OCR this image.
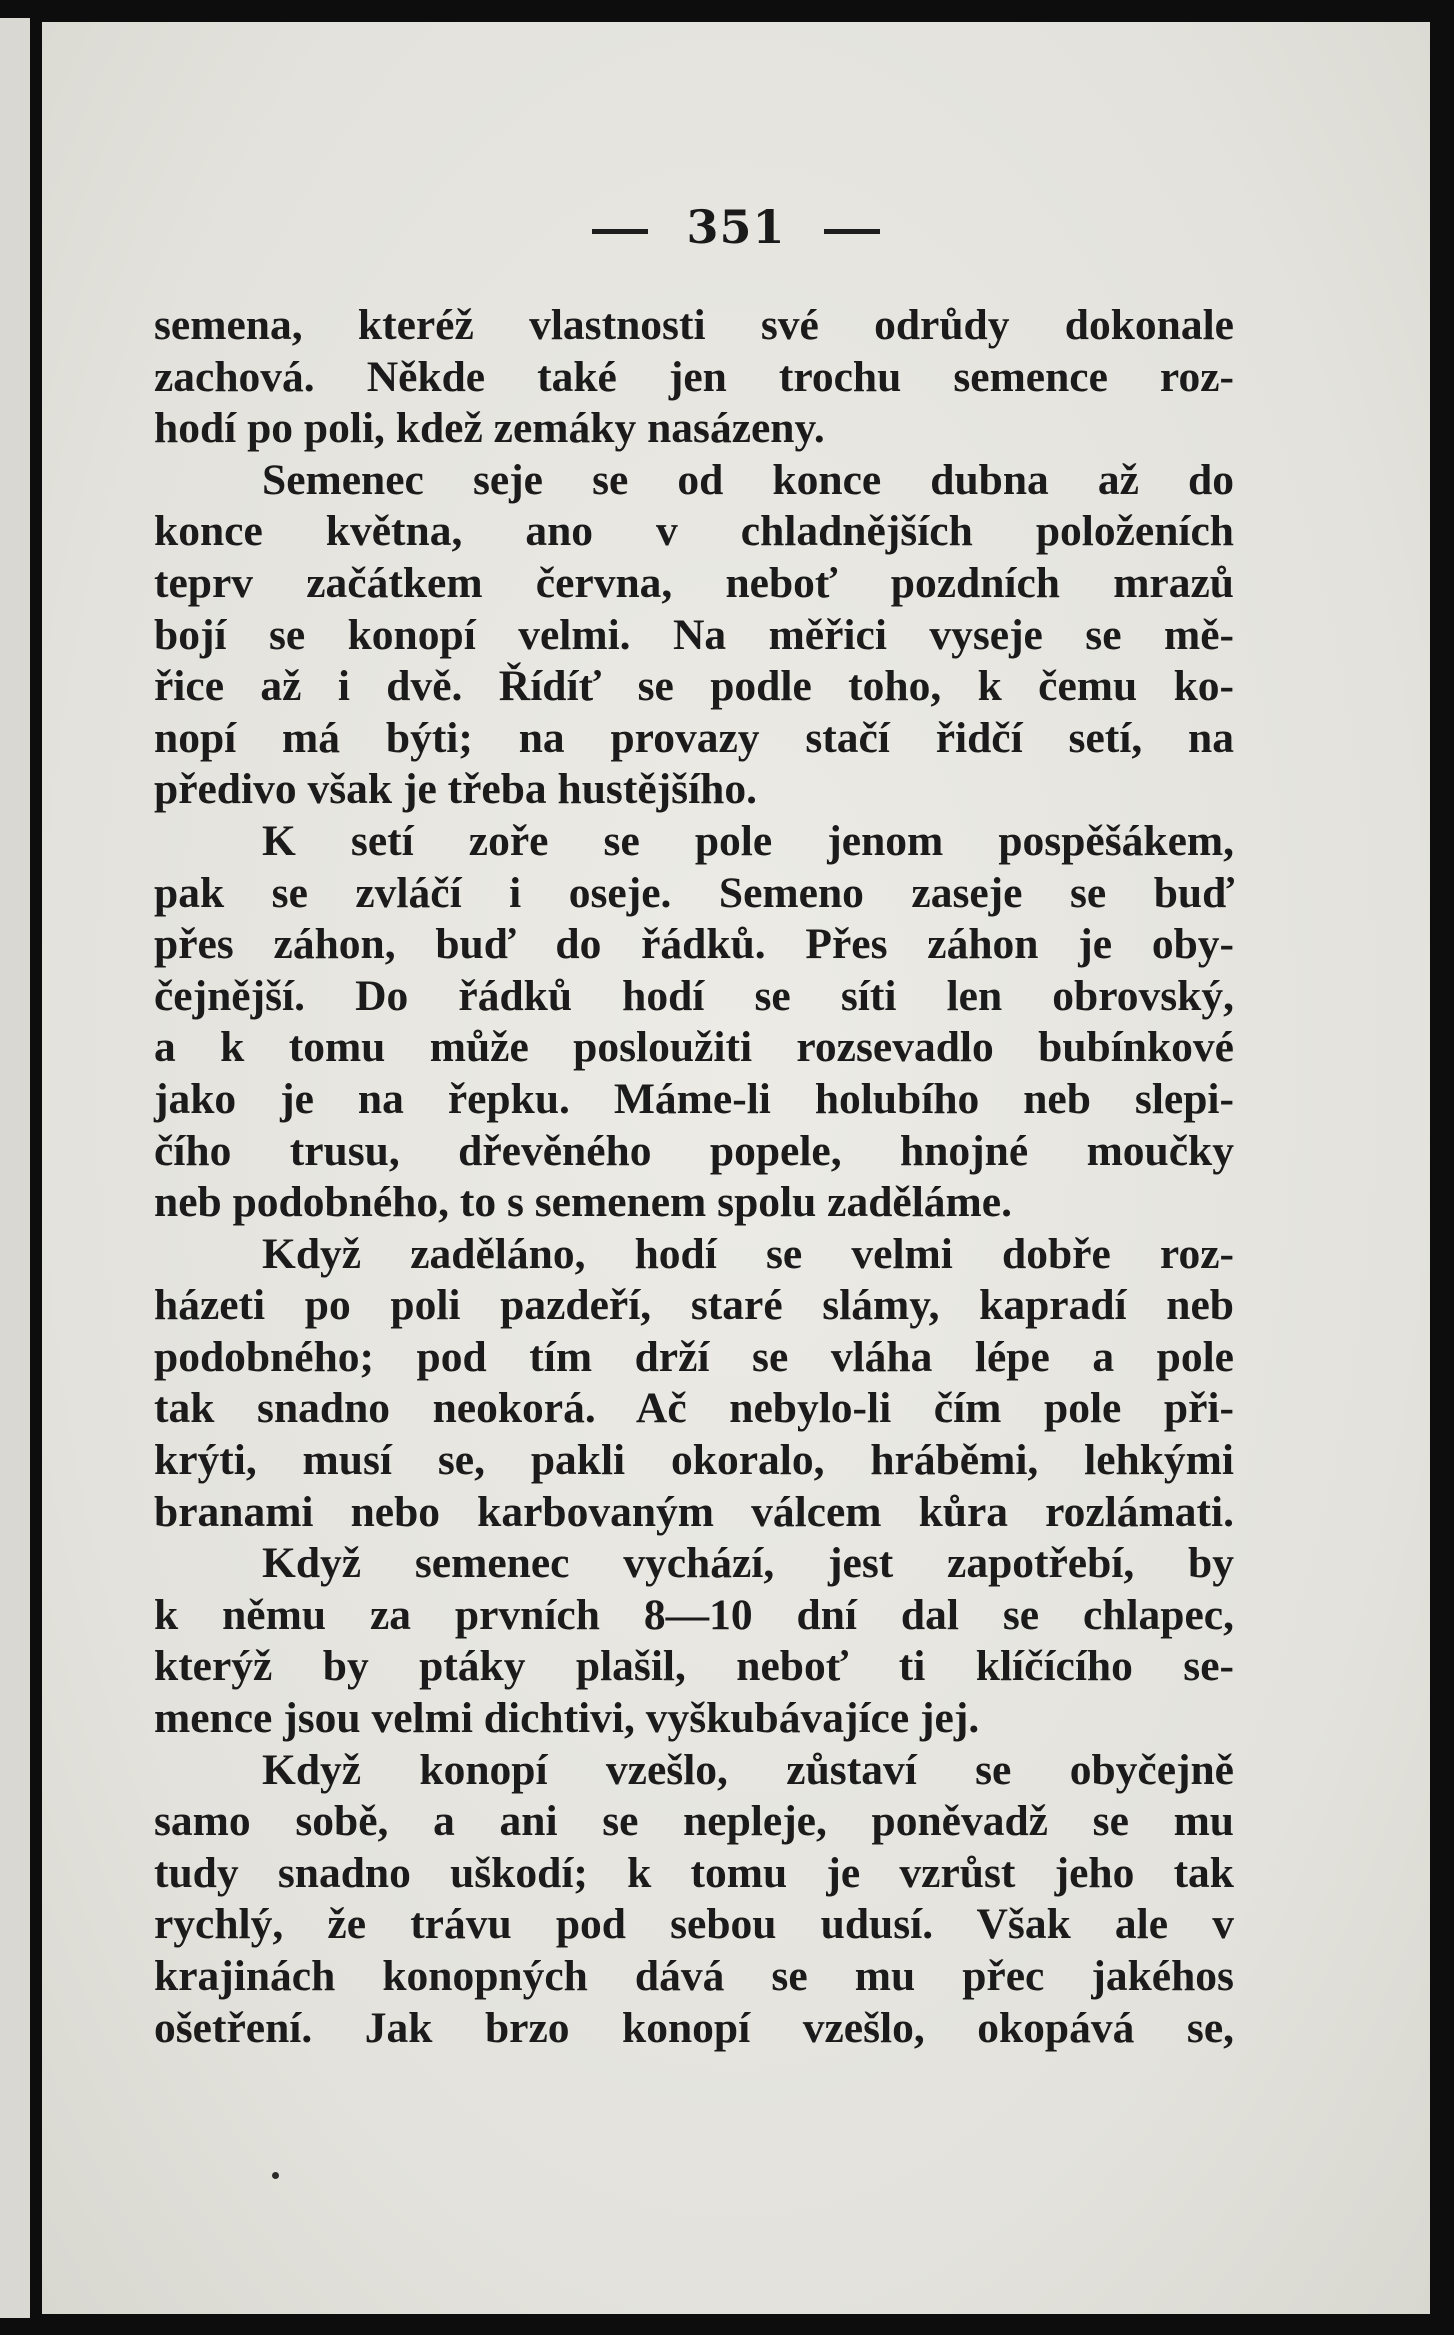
351
semena, kteréž vlastnosti své odrůdy dokonale
zachová. Někde také jen trochu semence roz-
hodí po poli, kdež zemáky nasázeny.
Semenec seje se od konce dubna až do
konce května, ano v chladnějších položeních
teprv začátkem června, neboť pozdních mrazů
bojí se konopí velmi. Na měřici vyseje se mě-
řice až i dvě. Řídíť se podle toho, k čemu ko-
nopí má býti; na provazy stačí řidčí setí, na
předivo však je třeba hustějšího.
K setí zoře se pole jenom pospěšákem,
pak se zvláčí i oseje. Semeno zaseje se buď
přes záhon, buď do řádků. Přes záhon je oby-
čejnější. Do řádků hodí se síti len obrovský,
a k tomu může posloužiti rozsevadlo bubínkové
jako je na řepku. Máme-li holubího neb slepi-
čího trusu, dřevěného popele, hnojné moučky
neb podobného, to s semenem spolu zaděláme.
Když zaděláno, hodí se velmi dobře roz-
házeti po poli pazdeří, staré slámy, kapradí neb
podobného; pod tím drží se vláha lépe a pole
tak snadno neokorá. Ač nebylo-li čím pole při-
krýti, musí se, pakli okoralo, hráběmi, lehkými
branami nebo karbovaným válcem kůra rozlámati.
Když semenec vychází, jest zapotřebí, by
k němu za prvních 8—10 dní dal se chlapec,
kterýž by ptáky plašil, neboť ti klíčícího se-
mence jsou velmi dichtivi, vyškubávajíce jej.
Když konopí vzešlo, zůstaví se obyčejně
samo sobě, a ani se nepleje, poněvadž se mu
tudy snadno uškodí; k tomu je vzrůst jeho tak
rychlý, že trávu pod sebou udusí. Však ale v
krajinách konopných dává se mu přec jakéhos
ošetření. Jak brzo konopí vzešlo, okopává se,
